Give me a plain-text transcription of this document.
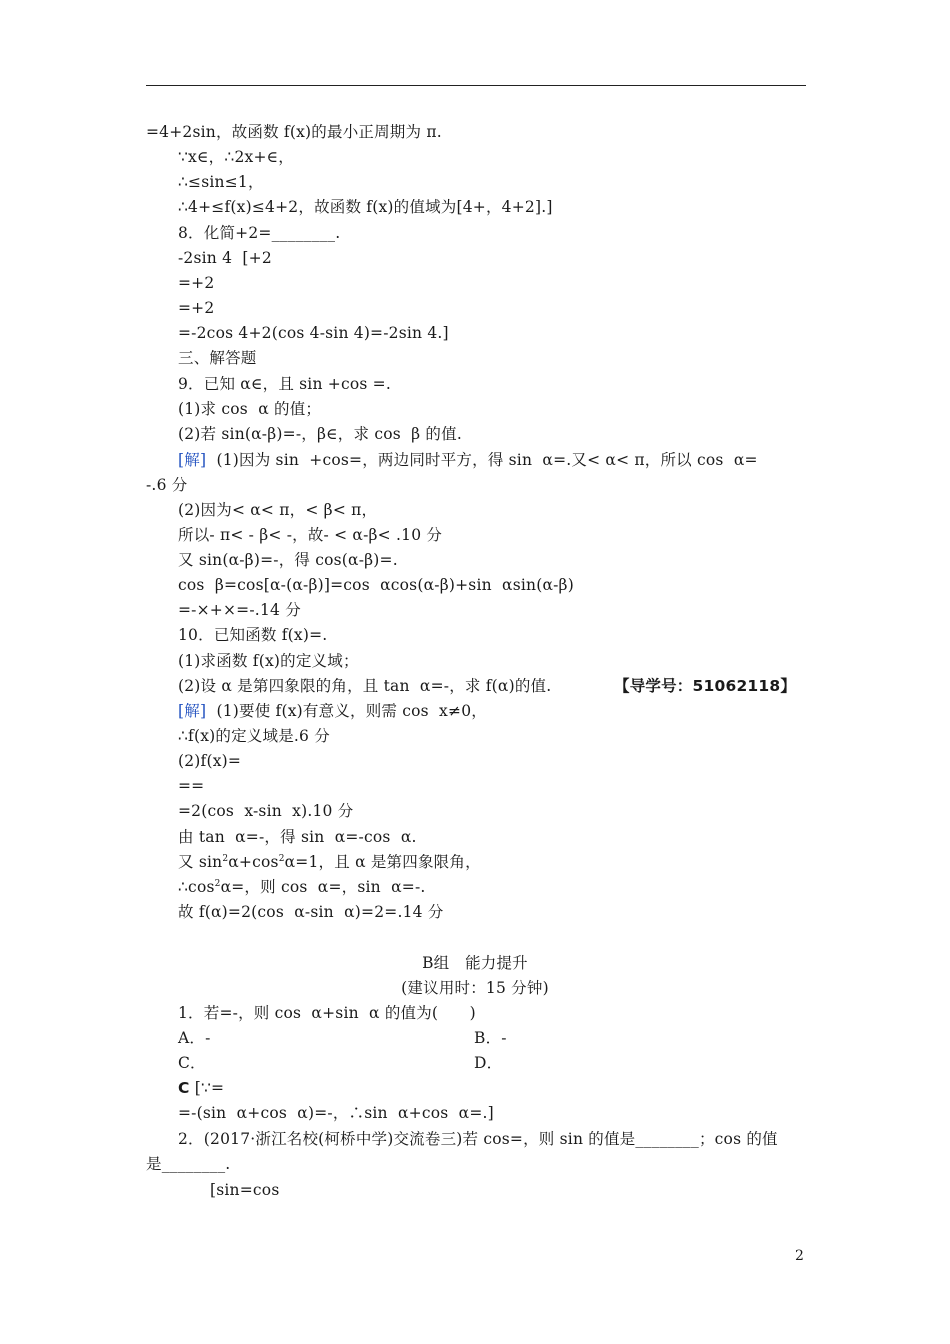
=4+2sin，故函数 f(x)的最小正周期为 π.
∵x∈，∴2x+∈，
∴≤sin≤1，
∴4+≤f(x)≤4+2，故函数 f(x)的值域为[4+，4+2].]
8．化简+2=________.
-2sin 4  [+2
=+2
=+2
=-2cos 4+2(cos 4-sin 4)=-2sin 4.]
三、解答题
9．已知 α∈，且 sin +cos =.
(1)求 cos  α 的值；
(2)若 sin(α-β)=-，β∈，求 cos  β 的值.
[解]  (1)因为 sin  +cos=，两边同时平方，得 sin  α=.又< α< π，所以 cos  α=
-.6 分
(2)因为< α< π，< β< π，
所以- π< - β< -，故- < α-β< .10 分
又 sin(α-β)=-，得 cos(α-β)=.
cos  β=cos[α-(α-β)]=cos  αcos(α-β)+sin  αsin(α-β)
=-×+×=-.14 分
10．已知函数 f(x)=.
(1)求函数 f(x)的定义域；
(2)设 α 是第四象限的角，且 tan  α=-，求 f(α)的值.	【导学号：51062118】
[解]  (1)要使 f(x)有意义，则需 cos  x≠0，
∴f(x)的定义域是.6 分
(2)f(x)=
==
=2(cos  x-sin  x).10 分
由 tan  α=-，得 sin  α=-cos  α.
又 $\sin^2\alpha+\cos^2\alpha=1$，且 α 是第四象限角，
$\therefore\cos^2\alpha=$，则 cos  α=，sin  α=-.
故 f(α)=2(cos  α-sin  α)=2=.14 分
B组　能力提升
(建议用时：15 分钟)
1．若=-，则 cos  α+sin  α 的值为(　　)
A．-	B．-
C．	D．
C [∵=
=-(sin  α+cos  α)=-，∴sin  α+cos  α=.]
2．(2017·浙江名校(柯桥中学)交流卷三)若 cos=，则 sin 的值是________；cos 的值
是________.
[sin=cos
2
